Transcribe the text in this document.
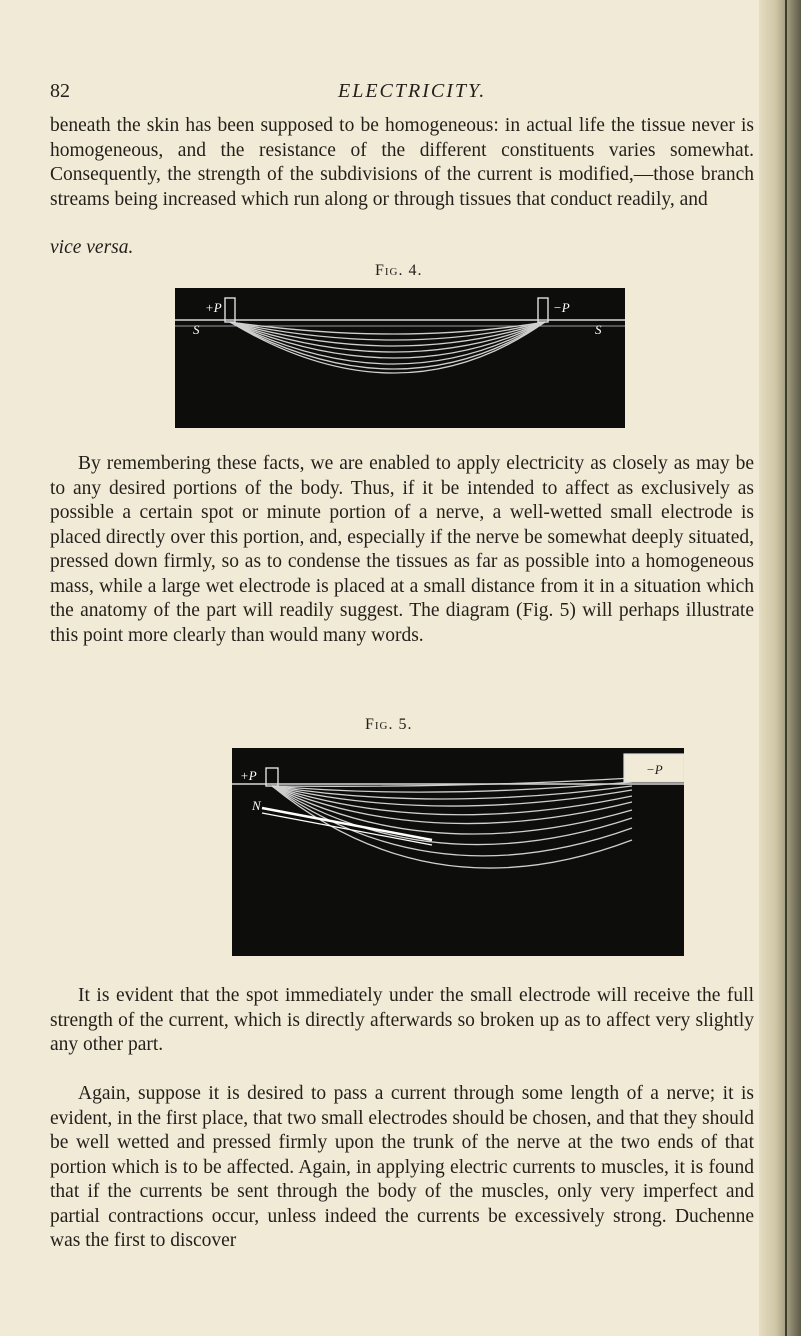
82	ELECTRICITY.

beneath the skin has been supposed to be homogeneous: in actual life the tissue never is homogeneous, and the resistance of the different constituents varies somewhat. Consequently, the strength of the subdivisions of the current is modified,—those branch streams being increased which run along or through tissues that conduct readily, and

vice versa.

Fig. 4.
+P	−P
S	S

By remembering these facts, we are enabled to apply electricity as closely as may be to any desired portions of the body. Thus, if it be intended to affect as exclusively as possible a certain spot or minute portion of a nerve, a well-wetted small electrode is placed directly over this portion, and, especially if the nerve be somewhat deeply situated, pressed down firmly, so as to condense the tissues as far as possible into a homogeneous mass, while a large wet electrode is placed at a small distance from it in a situation which the anatomy of the part will readily suggest. The diagram (Fig. 5) will perhaps illustrate this point more clearly than would many words.

Fig. 5.
+P	−P
N

It is evident that the spot immediately under the small electrode will receive the full strength of the current, which is directly afterwards so broken up as to affect very slightly any other part.

Again, suppose it is desired to pass a current through some length of a nerve; it is evident, in the first place, that two small electrodes should be chosen, and that they should be well wetted and pressed firmly upon the trunk of the nerve at the two ends of that portion which is to be affected. Again, in applying electric currents to muscles, it is found that if the currents be sent through the body of the muscles, only very imperfect and partial contractions occur, unless indeed the currents be excessively strong. Duchenne was the first to discover
